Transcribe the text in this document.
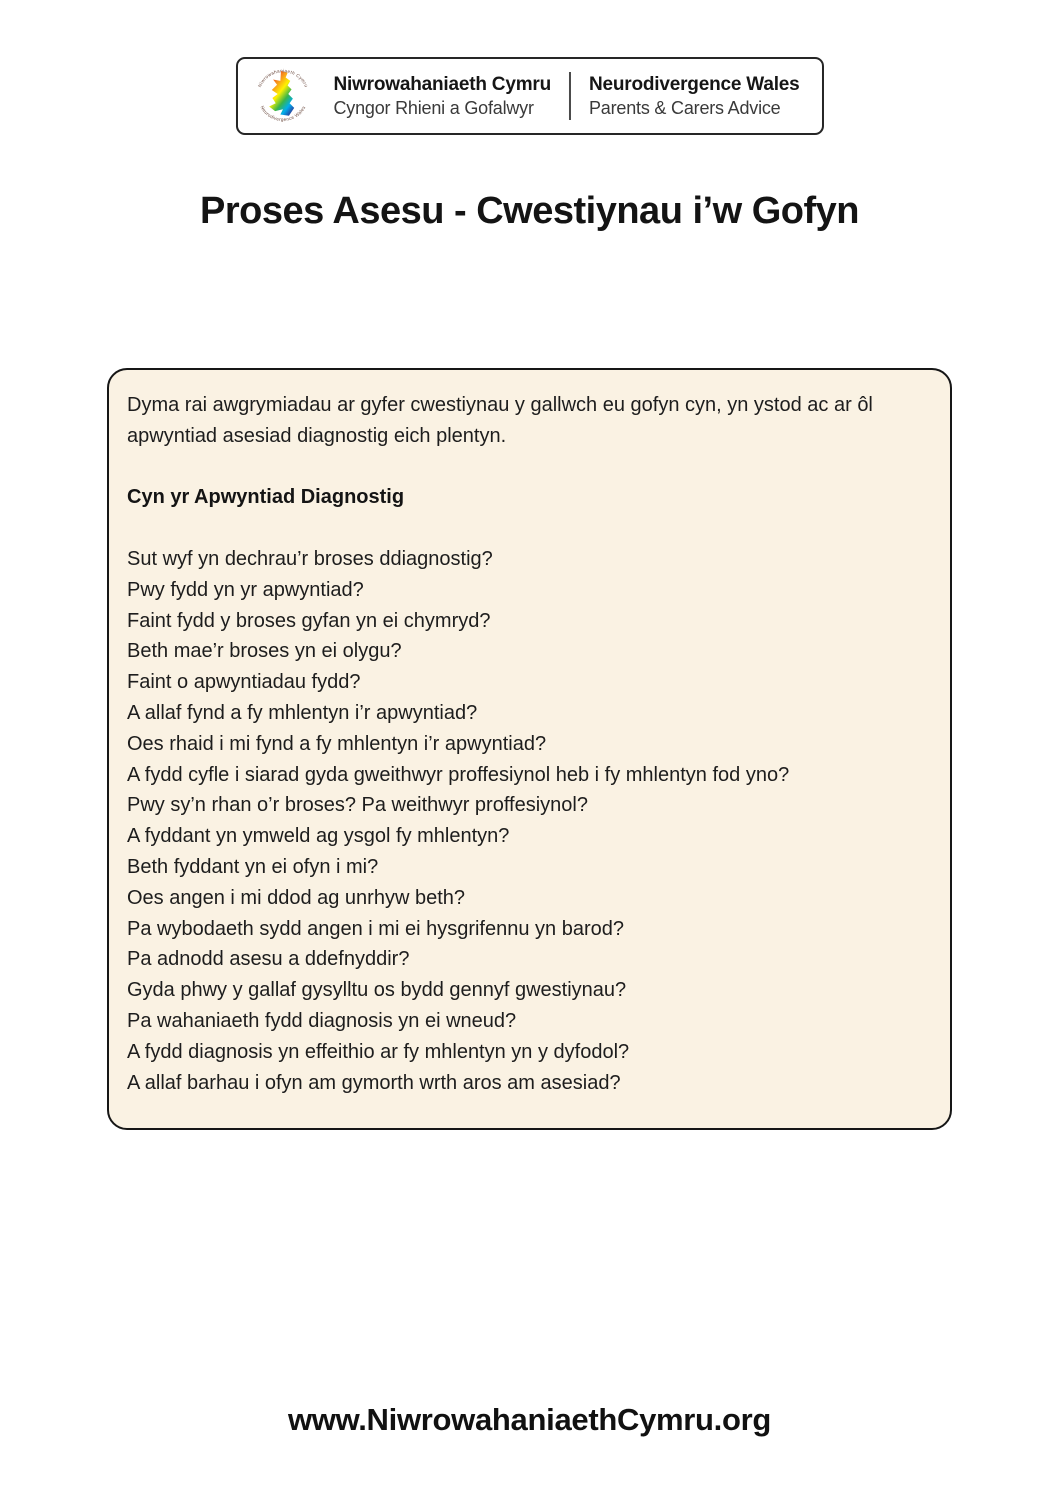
Niwrowahaniaeth Cymru
Neurodivergence Wales
Niwrowahaniaeth Cymru
Cyngor Rhieni a Gofalwyr
Neurodivergence Wales
Parents & Carers Advice
Proses Asesu - Cwestiynau i’w Gofyn

Dyma rai awgrymiadau ar gyfer cwestiynau y gallwch eu gofyn cyn, yn ystod ac ar ôl apwyntiad asesiad diagnostig eich plentyn.

Cyn yr Apwyntiad Diagnostig
Sut wyf yn dechrau’r broses ddiagnostig?
Pwy fydd yn yr apwyntiad?
Faint fydd y broses gyfan yn ei chymryd?
Beth mae’r broses yn ei olygu?
Faint o apwyntiadau fydd?
A allaf fynd a fy mhlentyn i’r apwyntiad?
Oes rhaid i mi fynd a fy mhlentyn i’r apwyntiad?
A fydd cyfle i siarad gyda gweithwyr proffesiynol heb i fy mhlentyn fod yno?
Pwy sy’n rhan o’r broses? Pa weithwyr proffesiynol?
A fyddant yn ymweld ag ysgol fy mhlentyn?
Beth fyddant yn ei ofyn i mi?
Oes angen i mi ddod ag unrhyw beth?
Pa wybodaeth sydd angen i mi ei hysgrifennu yn barod?
Pa adnodd asesu a ddefnyddir?
Gyda phwy y gallaf gysylltu os bydd gennyf gwestiynau?
Pa wahaniaeth fydd diagnosis yn ei wneud?
A fydd diagnosis yn effeithio ar fy mhlentyn yn y dyfodol?
A allaf barhau i ofyn am gymorth wrth aros am asesiad?
www.NiwrowahaniaethCymru.org
